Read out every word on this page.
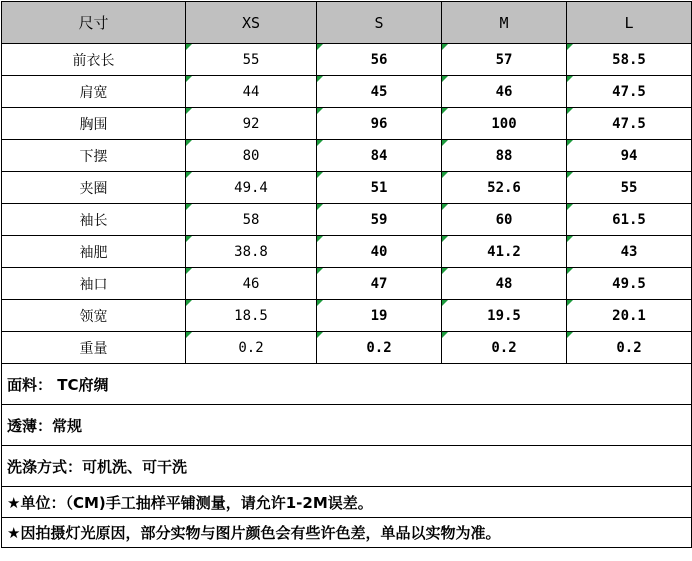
尺寸	XS	S	M	L
前衣长	55	56	57	58.5
肩宽	44	45	46	47.5
胸围	92	96	100	47.5
下摆	80	84	88	94
夹圈	49.4	51	52.6	55
袖长	58	59	60	61.5
袖肥	38.8	40	41.2	43
袖口	46	47	48	49.5
领宽	18.5	19	19.5	20.1
重量	0.2	0.2	0.2	0.2
面料： TC府绸				
透薄：常规				
洗涤方式：可机洗、可干洗				
★单位：（CM)手工抽样平铺测量，请允许1-2M误差。				
★因拍摄灯光原因，部分实物与图片颜色会有些许色差，单品以实物为准。				
